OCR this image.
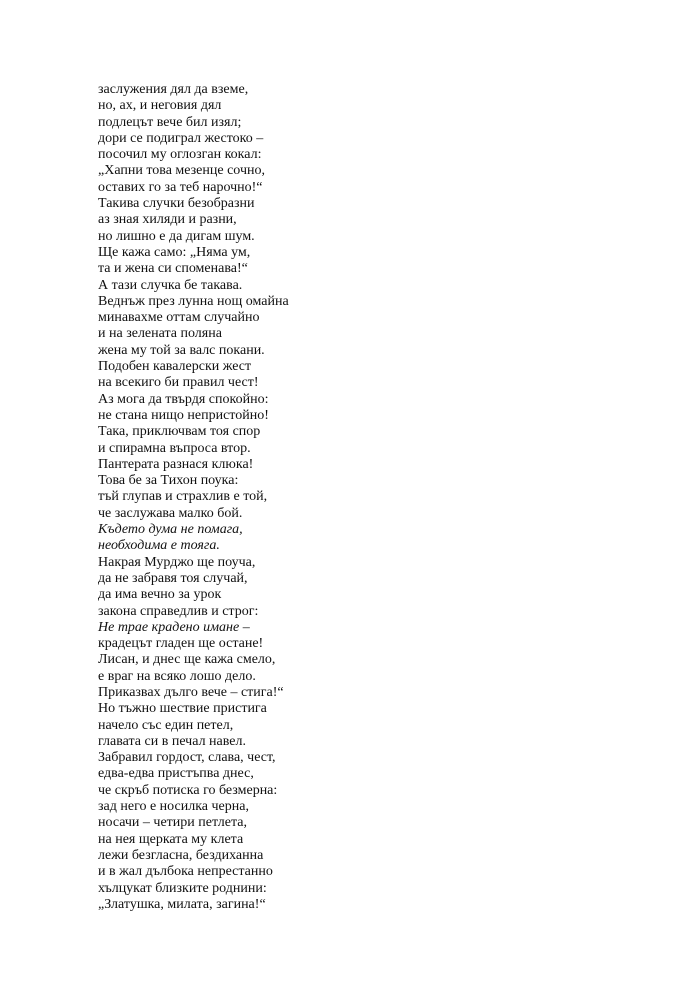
заслужения дял да вземе,
но, ах, и неговия дял
подлецът вече бил изял;
дори се подиграл жестоко –
посочил му оглозган кокал:
„Хапни това мезенце сочно,
оставих го за теб нарочно!“
Такива случки безобразни
аз зная хиляди и разни,
но лишно е да дигам шум.
Ще кажа само: „Няма ум,
та и жена си споменава!“
А тази случка бе такава.
Веднъж през лунна нощ омайна
минавахме оттам случайно
и на зелената поляна
жена му той за валс покани.
Подобен кавалерски жест
на всекиго би правил чест!
Аз мога да твърдя спокойно:
не стана нищо непристойно!
Така, приключвам тоя спор
и спирамна въпроса втор.
Пантерата разнася клюка!
Това бе за Тихон поука:
тъй глупав и страхлив е той,
че заслужава малко бой.
Където дума не помага,
необходима е тояга.
Накрая Мурджо ще поуча,
да не забравя тоя случай,
да има вечно за урок
закона справедлив и строг:
Не трае крадено имане –
крадецът гладен ще остане!
Лисан, и днес ще кажа смело,
е враг на всяко лошо дело.
Приказвах дълго вече – стига!“
Но тъжно шествие пристига
начело със един петел,
главата си в печал навел.
Забравил гордост, слава, чест,
едва-едва пристъпва днес,
че скръб потиска го безмерна:
зад него е носилка черна,
носачи – четири петлета,
на нея щерката му клета
лежи безгласна, бездиханна
и в жал дълбока непрестанно
хълцукат близките роднини:
„Златушка, милата, загина!“
